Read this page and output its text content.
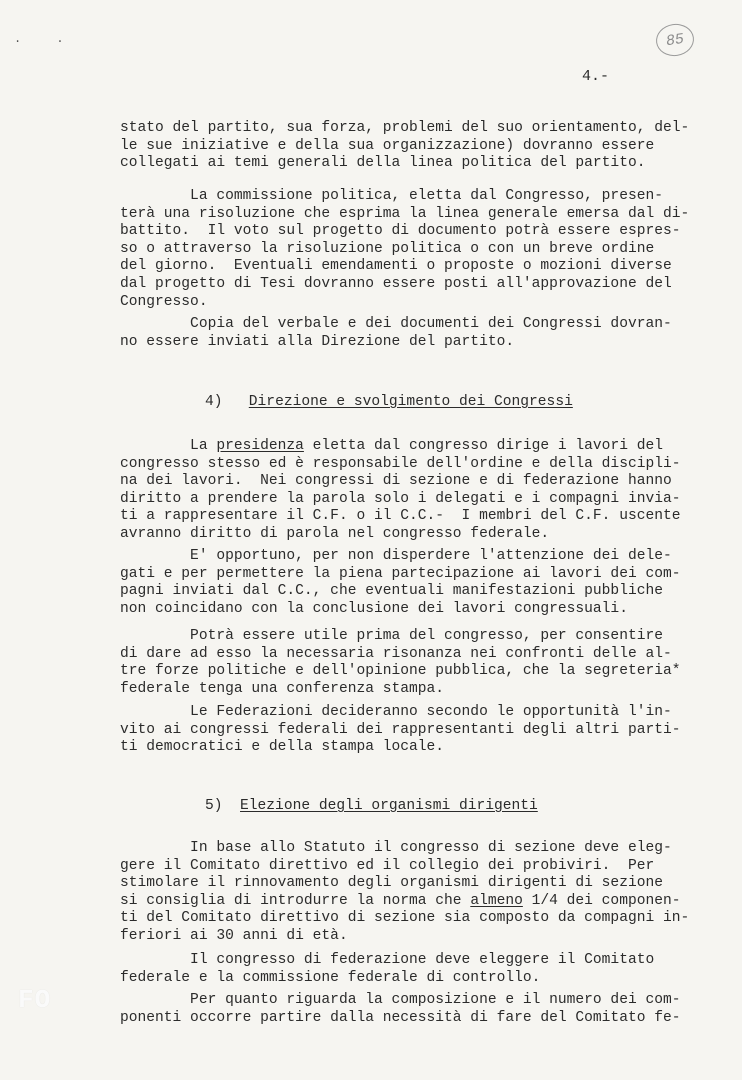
. .	85
4.-
stato del partito, sua forza, problemi del suo orientamento, del-
le sue iniziative e della sua organizzazione) dovranno essere
collegati ai temi generali della linea politica del partito.
La commissione politica, eletta dal Congresso, presen-
terà una risoluzione che esprima la linea generale emersa dal di-
battito.  Il voto sul progetto di documento potrà essere espres-
so o attraverso la risoluzione politica o con un breve ordine
del giorno.  Eventuali emendamenti o proposte o mozioni diverse
dal progetto di Tesi dovranno essere posti all'approvazione del
Congresso.
Copia del verbale e dei documenti dei Congressi dovran-
no essere inviati alla Direzione del partito.
4) Direzione e svolgimento dei Congressi
La presidenza eletta dal congresso dirige i lavori del
congresso stesso ed è responsabile dell'ordine e della discipli-
na dei lavori.  Nei congressi di sezione e di federazione hanno
diritto a prendere la parola solo i delegati e i compagni invia-
ti a rappresentare il C.F. o il C.C.-  I membri del C.F. uscente
avranno diritto di parola nel congresso federale.
E' opportuno, per non disperdere l'attenzione dei dele-
gati e per permettere la piena partecipazione ai lavori dei com-
pagni inviati dal C.C., che eventuali manifestazioni pubbliche
non coincidano con la conclusione dei lavori congressuali.
Potrà essere utile prima del congresso, per consentire
di dare ad esso la necessaria risonanza nei confronti delle al-
tre forze politiche e dell'opinione pubblica, che la segreteria*
federale tenga una conferenza stampa.
Le Federazioni decideranno secondo le opportunità l'in-
vito ai congressi federali dei rappresentanti degli altri parti-
ti democratici e della stampa locale.
5) Elezione degli organismi dirigenti
In base allo Statuto il congresso di sezione deve eleg-
gere il Comitato direttivo ed il collegio dei probiviri.  Per
stimolare il rinnovamento degli organismi dirigenti di sezione
si consiglia di introdurre la norma che almeno 1/4 dei componen-
ti del Comitato direttivo di sezione sia composto da compagni in-
feriori ai 30 anni di età.
Il congresso di federazione deve eleggere il Comitato
federale e la commissione federale di controllo.
Per quanto riguarda la composizione e il numero dei com-
ponenti occorre partire dalla necessità di fare del Comitato fe-
FO
